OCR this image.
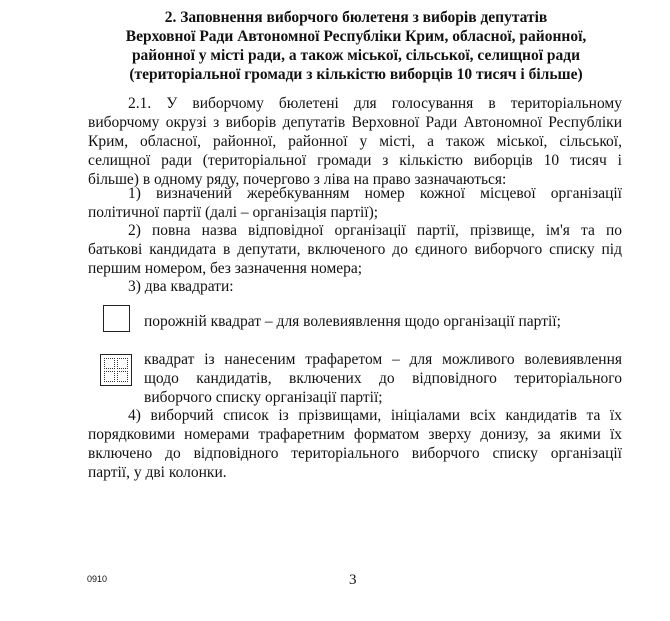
2. Заповнення виборчого бюлетеня з виборів депутатів
Верховної Ради Автономної Республіки Крим, обласної, районної,
районної у місті ради, а також міської, сільської, селищної ради
(територіальної громади з кількістю виборців 10 тисяч і більше)
2.1. У виборчому бюлетені для голосування в територіальному
виборчому окрузі з виборів депутатів Верховної Ради Автономної Республіки
Крим, обласної, районної, районної у місті, а також міської, сільської,
селищної ради (територіальної громади з кількістю виборців 10 тисяч і
більше) в одному ряду, почергово з ліва на право зазначаються:
1) визначений жеребкуванням номер кожної місцевої організації
політичної партії (далі – організація партії);
2) повна назва відповідної організації партії, прізвище, ім'я та по
батькові кандидата в депутати, включеного до єдиного виборчого списку під
першим номером, без зазначення номера;
3) два квадрати:
порожній квадрат – для волевиявлення щодо організації партії;
квадрат із нанесеним трафаретом – для можливого волевиявлення
щодо кандидатів, включених до відповідного територіального
виборчого списку організації партії;
4) виборчий список із прізвищами, ініціалами всіх кандидатів та їх
порядковими номерами трафаретним форматом зверху донизу, за якими їх
включено до відповідного територіального виборчого списку організації
партії, у дві колонки.
0910	3
